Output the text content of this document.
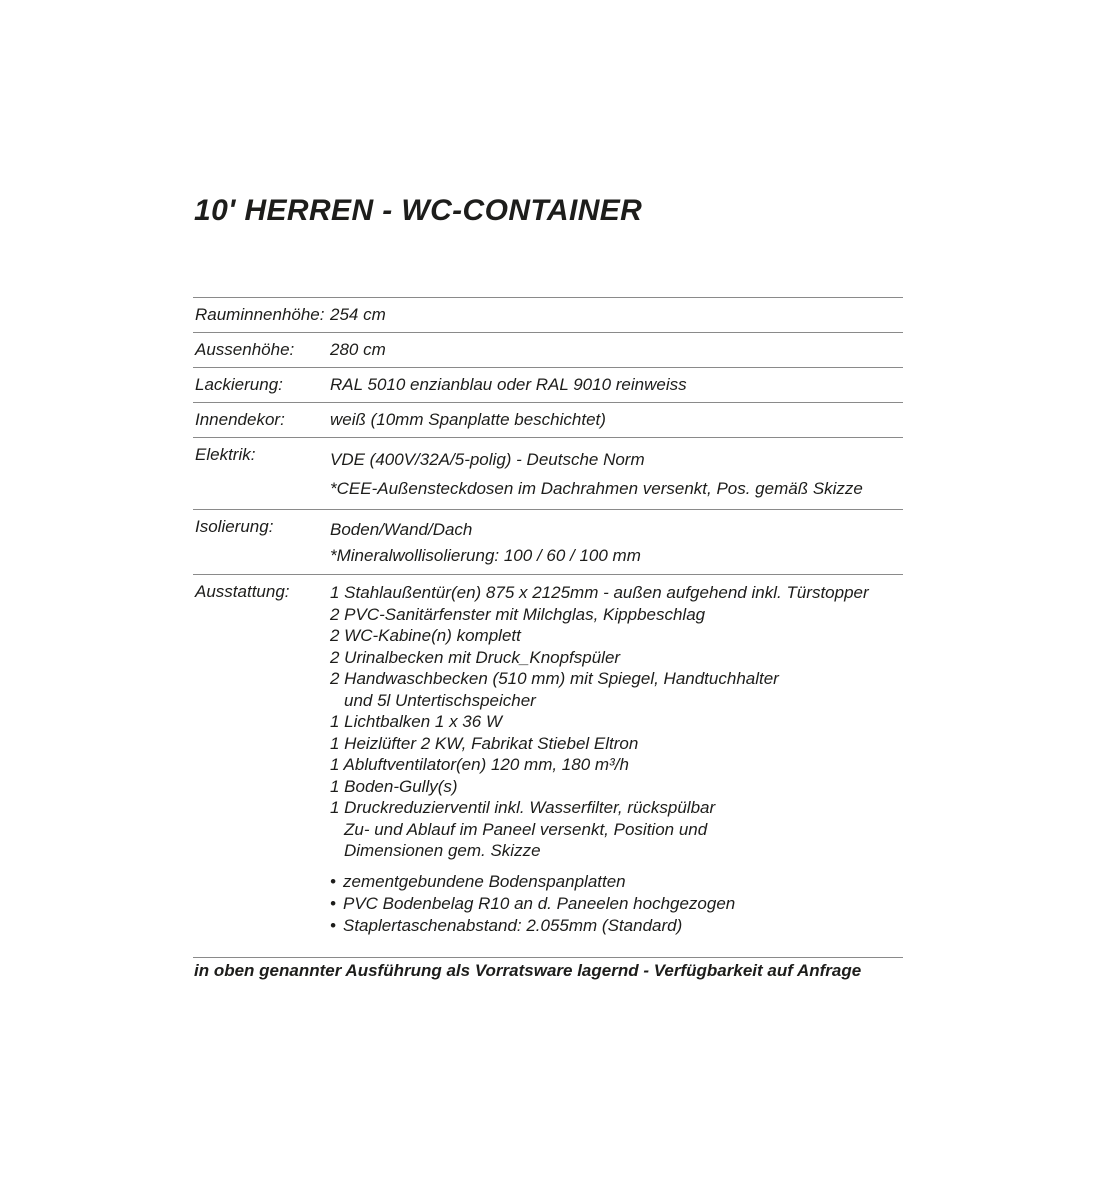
10' HERREN - WC-CONTAINER
Rauminnenhöhe: 254 cm
Aussenhöhe:	280 cm
Lackierung:	RAL 5010 enzianblau oder RAL 9010 reinweiss
Innendekor:	weiß (10mm Spanplatte beschichtet)
Elektrik:	VDE (400V/32A/5-polig) - Deutsche Norm
*CEE-Außensteckdosen im Dachrahmen versenkt, Pos. gemäß Skizze
Isolierung:	Boden/Wand/Dach
*Mineralwollisolierung: 100 / 60 / 100 mm
Ausstattung:	1 Stahlaußentür(en) 875 x 2125mm - außen aufgehend inkl. Türstopper
2 PVC-Sanitärfenster mit Milchglas, Kippbeschlag
2 WC-Kabine(n) komplett
2 Urinalbecken mit Druck_Knopfspüler
2 Handwaschbecken (510 mm) mit Spiegel, Handtuchhalter
und 5l Untertischspeicher
1 Lichtbalken 1 x 36 W
1 Heizlüfter 2 KW, Fabrikat Stiebel Eltron
1 Abluftventilator(en) 120 mm, 180 m³/h
1 Boden-Gully(s)
1 Druckreduzierventil inkl. Wasserfilter, rückspülbar
Zu- und Ablauf im Paneel versenkt, Position und
Dimensionen gem. Skizze
• zementgebundene Bodenspanplatten
• PVC Bodenbelag R10 an d. Paneelen hochgezogen
• Staplertaschenabstand: 2.055mm (Standard)
in oben genannter Ausführung als Vorratsware lagernd - Verfügbarkeit auf Anfrage
